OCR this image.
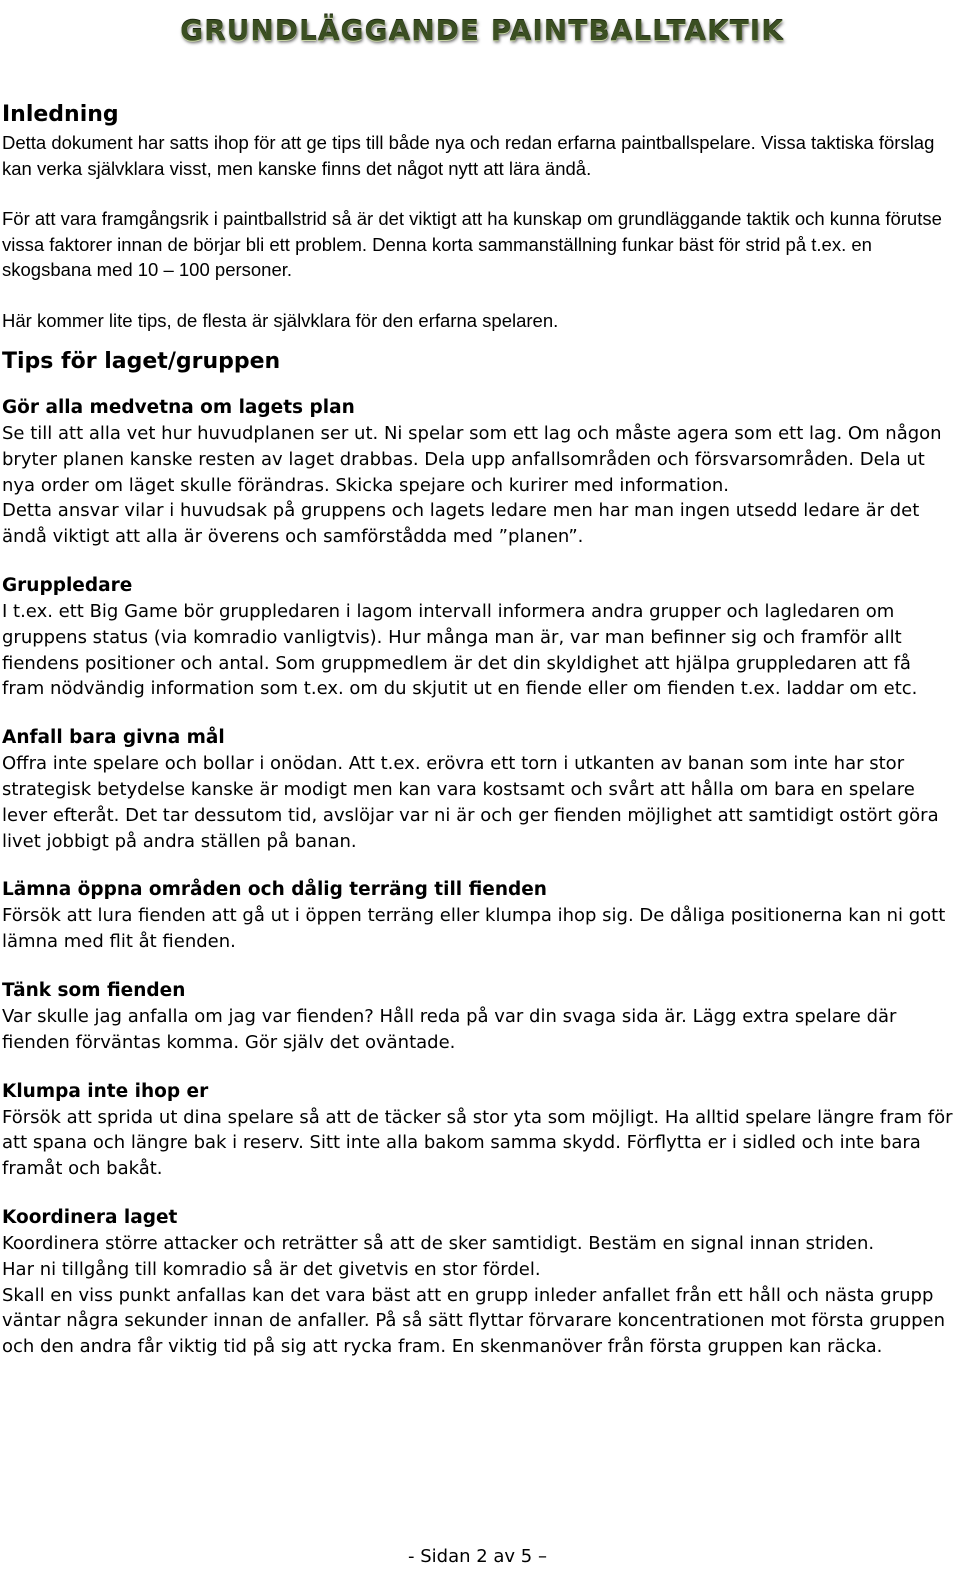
GRUNDLÄGGANDE PAINTBALLTAKTIK
Inledning

Detta dokument har satts ihop för att ge tips till både nya och redan erfarna paintballspelare. Vissa taktiska förslag kan verka självklara visst, men kanske finns det något nytt att lära ändå.

För att vara framgångsrik i paintballstrid så är det viktigt att ha kunskap om grundläggande taktik och kunna förutse vissa faktorer innan de börjar bli ett problem. Denna korta sammanställning funkar bäst för strid på t.ex. en skogsbana med 10 – 100 personer.

Här kommer lite tips, de flesta är självklara för den erfarna spelaren.

Tips för laget/gruppen
Gör alla medvetna om lagets plan

Se till att alla vet hur huvudplanen ser ut. Ni spelar som ett lag och måste agera som ett lag. Om någon bryter planen kanske resten av laget drabbas. Dela upp anfallsområden och försvarsområden. Dela ut nya order om läget skulle förändras. Skicka spejare och kurirer med information.

Detta ansvar vilar i huvudsak på gruppens och lagets ledare men har man ingen utsedd ledare är det ändå viktigt att alla är överens och samförstådda med ”planen”.

Gruppledare

I t.ex. ett Big Game bör gruppledaren i lagom intervall informera andra grupper och lagledaren om gruppens status (via komradio vanligtvis). Hur många man är, var man befinner sig och framför allt fiendens positioner och antal. Som gruppmedlem är det din skyldighet att hjälpa gruppledaren att få fram nödvändig information som t.ex. om du skjutit ut en fiende eller om fienden t.ex. laddar om etc.

Anfall bara givna mål

Offra inte spelare och bollar i onödan. Att t.ex. erövra ett torn i utkanten av banan som inte har stor strategisk betydelse kanske är modigt men kan vara kostsamt och svårt att hålla om bara en spelare lever efteråt. Det tar dessutom tid, avslöjar var ni är och ger fienden möjlighet att samtidigt ostört göra livet jobbigt på andra ställen på banan.

Lämna öppna områden och dålig terräng till fienden

Försök att lura fienden att gå ut i öppen terräng eller klumpa ihop sig. De dåliga positionerna kan ni gott lämna med flit åt fienden.

Tänk som fienden

Var skulle jag anfalla om jag var fienden? Håll reda på var din svaga sida är. Lägg extra spelare där fienden förväntas komma. Gör själv det oväntade.

Klumpa inte ihop er

Försök att sprida ut dina spelare så att de täcker så stor yta som möjligt. Ha alltid spelare längre fram för att spana och längre bak i reserv. Sitt inte alla bakom samma skydd. Förflytta er i sidled och inte bara framåt och bakåt.

Koordinera laget

Koordinera större attacker och reträtter så att de sker samtidigt. Bestäm en signal innan striden.

Har ni tillgång till komradio så är det givetvis en stor fördel.

Skall en viss punkt anfallas kan det vara bäst att en grupp inleder anfallet från ett håll och nästa grupp väntar några sekunder innan de anfaller. På så sätt flyttar förvarare koncentrationen mot första gruppen och den andra får viktig tid på sig att rycka fram. En skenmanöver från första gruppen kan räcka.

- Sidan 2 av 5 –
